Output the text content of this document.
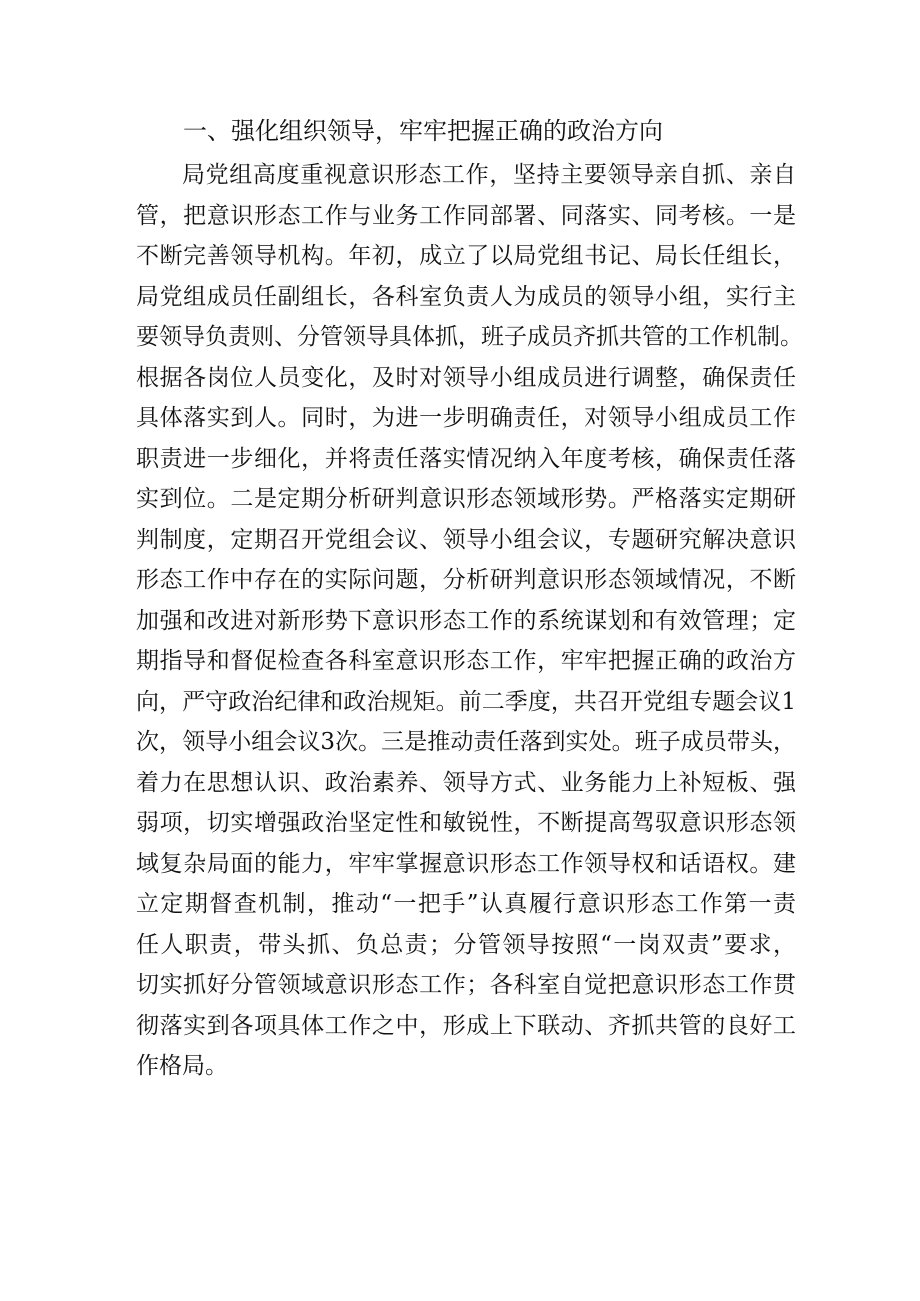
一、强化组织领导，牢牢把握正确的政治方向
局党组高度重视意识形态工作，坚持主要领导亲自抓、亲自
管，把意识形态工作与业务工作同部署、同落实、同考核。一是
不断完善领导机构。年初，成立了以局党组书记、局长任组长，
局党组成员任副组长，各科室负责人为成员的领导小组，实行主
要领导负责则、分管领导具体抓，班子成员齐抓共管的工作机制。
根据各岗位人员变化，及时对领导小组成员进行调整，确保责任
具体落实到人。同时，为进一步明确责任，对领导小组成员工作
职责进一步细化，并将责任落实情况纳入年度考核，确保责任落
实到位。二是定期分析研判意识形态领域形势。严格落实定期研
判制度，定期召开党组会议、领导小组会议，专题研究解决意识
形态工作中存在的实际问题，分析研判意识形态领域情况，不断
加强和改进对新形势下意识形态工作的系统谋划和有效管理；定
期指导和督促检查各科室意识形态工作，牢牢把握正确的政治方
向，严守政治纪律和政治规矩。前二季度，共召开党组专题会议1
次，领导小组会议3次。三是推动责任落到实处。班子成员带头，
着力在思想认识、政治素养、领导方式、业务能力上补短板、强
弱项，切实增强政治坚定性和敏锐性，不断提高驾驭意识形态领
域复杂局面的能力，牢牢掌握意识形态工作领导权和话语权。建
立定期督查机制，推动“一把手”认真履行意识形态工作第一责
任人职责，带头抓、负总责；分管领导按照“一岗双责”要求，
切实抓好分管领域意识形态工作；各科室自觉把意识形态工作贯
彻落实到各项具体工作之中，形成上下联动、齐抓共管的良好工
作格局。
